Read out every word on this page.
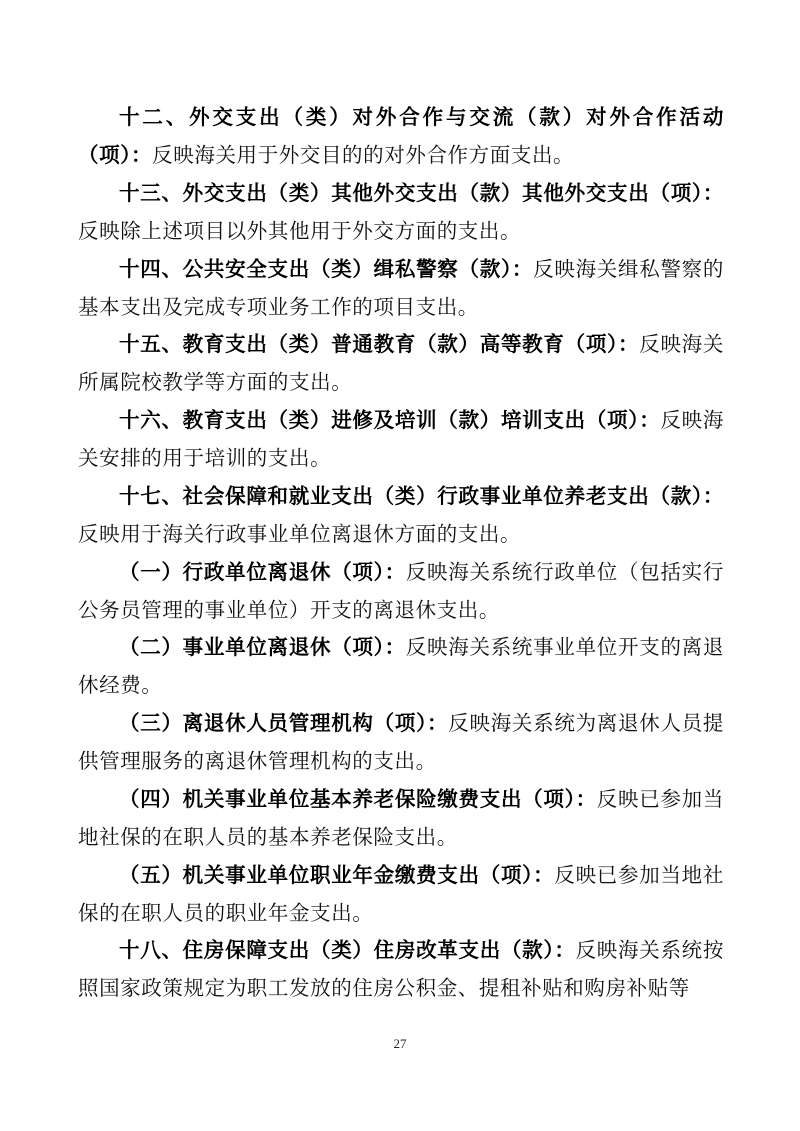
十二、外交支出（类）对外合作与交流（款）对外合作活动（项）：反映海关用于外交目的的对外合作方面支出。

十三、外交支出（类）其他外交支出（款）其他外交支出（项）：反映除上述项目以外其他用于外交方面的支出。

十四、公共安全支出（类）缉私警察（款）：反映海关缉私警察的基本支出及完成专项业务工作的项目支出。

十五、教育支出（类）普通教育（款）高等教育（项）：反映海关所属院校教学等方面的支出。

十六、教育支出（类）进修及培训（款）培训支出（项）：反映海关安排的用于培训的支出。

十七、社会保障和就业支出（类）行政事业单位养老支出（款）：反映用于海关行政事业单位离退休方面的支出。

（一）行政单位离退休（项）：反映海关系统行政单位（包括实行公务员管理的事业单位）开支的离退休支出。

（二）事业单位离退休（项）：反映海关系统事业单位开支的离退休经费。

（三）离退休人员管理机构（项）：反映海关系统为离退休人员提供管理服务的离退休管理机构的支出。

（四）机关事业单位基本养老保险缴费支出（项）：反映已参加当地社保的在职人员的基本养老保险支出。

（五）机关事业单位职业年金缴费支出（项）：反映已参加当地社保的在职人员的职业年金支出。

十八、住房保障支出（类）住房改革支出（款）：反映海关系统按照国家政策规定为职工发放的住房公积金、提租补贴和购房补贴等

27
